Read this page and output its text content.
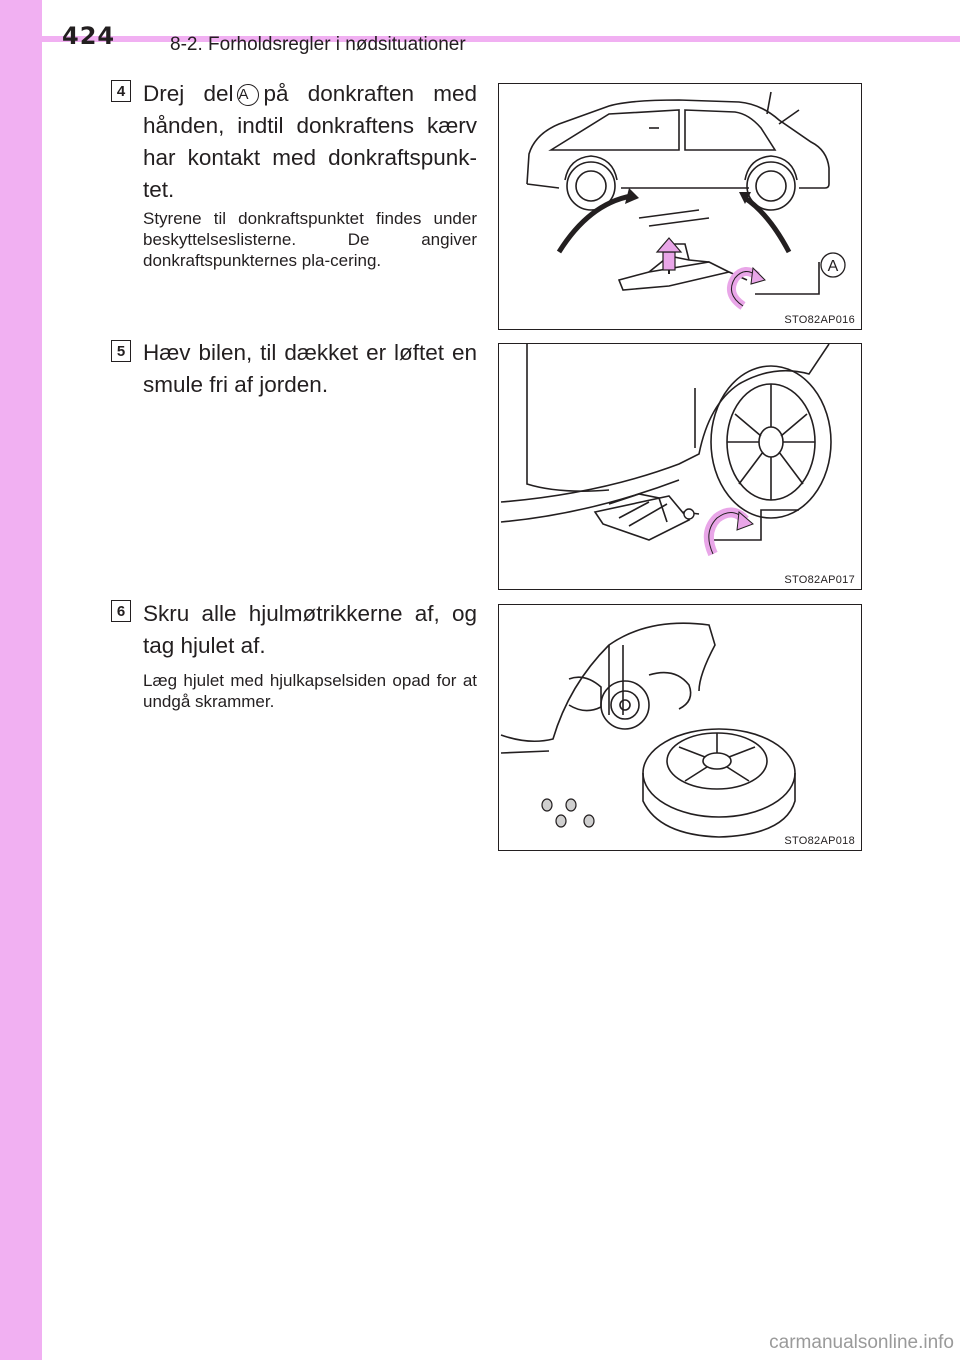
424	8-2. Forholdsregler i nødsituationer
4 Drej del A på donkraften med hånden, indtil donkraftens kærv har kontakt med donkraftspunk-tet.
Styrene til donkraftspunktet findes under beskyttelseslisterne. De angiver donkraftspunkternes pla-cering.	A
STO82AP016
5 Hæv bilen, til dækket er løftet en smule fri af jorden.
STO82AP017
6 Skru alle hjulmøtrikkerne af, og tag hjulet af.
Læg hjulet med hjulkapselsiden opad for at undgå skrammer.
STO82AP018
carmanualsonline.info
